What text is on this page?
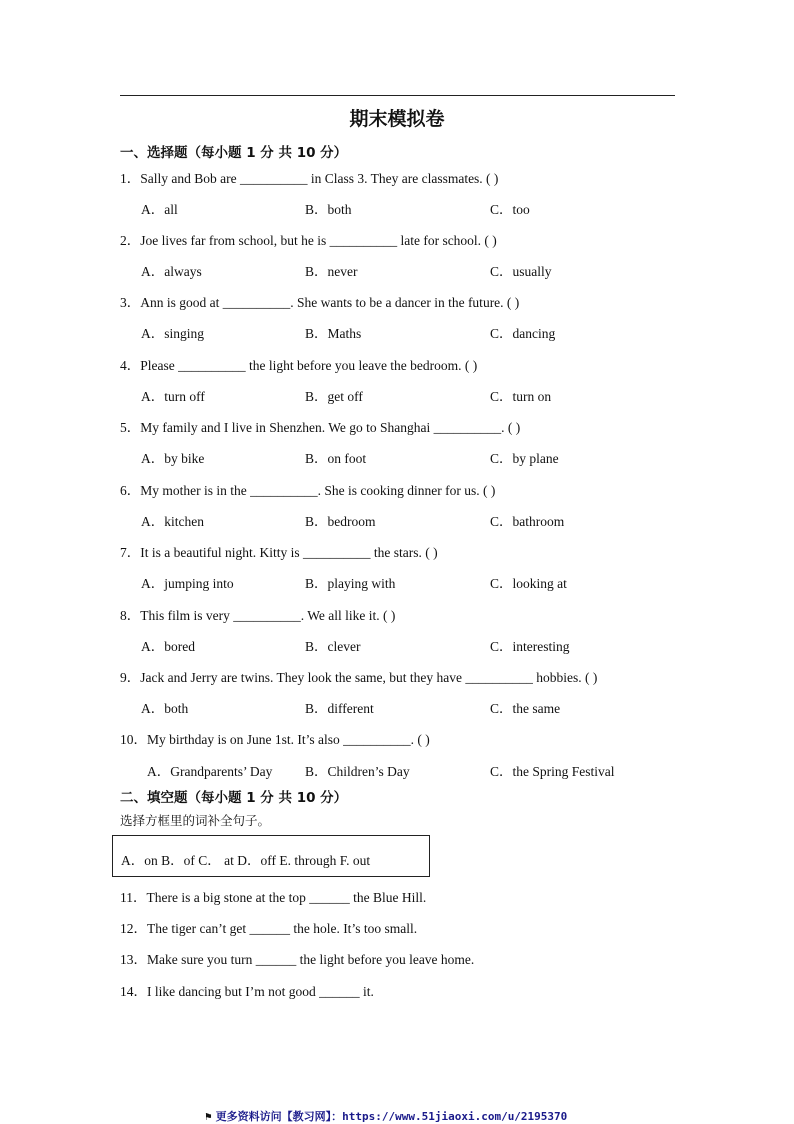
期末模拟卷
一、选择题（每小题 1 分 共 10 分）
1．Sally and Bob are __________ in Class 3. They are classmates. ( )
A．all	B．both	C．too
2．Joe lives far from school, but he is __________ late for school. ( )
A．always	B．never	C．usually
3．Ann is good at __________. She wants to be a dancer in the future. ( )
A．singing	B．Maths	C．dancing
4．Please __________ the light before you leave the bedroom. ( )
A．turn off	B．get off	C．turn on
5．My family and I live in Shenzhen. We go to Shanghai __________. ( )
A．by bike	B．on foot	C．by plane
6．My mother is in the __________. She is cooking dinner for us. ( )
A．kitchen	B．bedroom	C．bathroom
7．It is a beautiful night. Kitty is __________ the stars. ( )
A．jumping into	B．playing with	C．looking at
8．This film is very __________. We all like it. ( )
A．bored	B．clever	C．interesting
9．Jack and Jerry are twins. They look the same, but they have __________ hobbies. ( )
A．both	B．different	C．the same
10．My birthday is on June 1st. It’s also __________. ( )
A．Grandparents’ Day B．Children’s Day	C．the Spring Festival
二、填空题（每小题 1 分 共 10 分）
选择方框里的词补全句子。
A．on B．of C． at D．off E. through F. out
11．There is a big stone at the top ______ the Blue Hill.
12．The tiger can’t get ______ the hole. It’s too small.
13．Make sure you turn ______ the light before you leave home.
14．I like dancing but I’m not good ______ it.
⚑ 更多资料访问【教习网】：https://www.51jiaoxi.com/u/2195370
